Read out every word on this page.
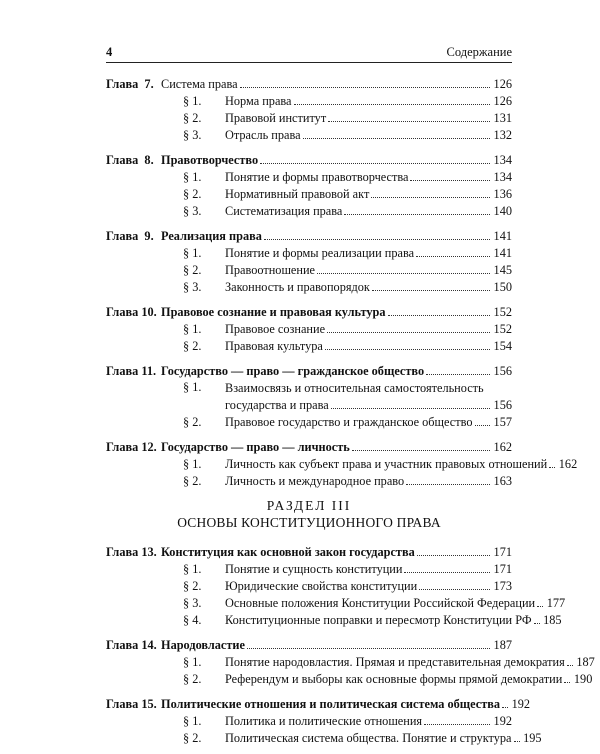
4	Содержание
Глава  7. Система права	126
§ 1.	Норма права	126
§ 2.	Правовой институт	131
§ 3.	Отрасль права	132
Глава  8. Правотворчество	134
§ 1.	Понятие и формы правотворчества	134
§ 2.	Нормативный правовой акт	136
§ 3.	Систематизация права	140
Глава  9. Реализация права	141
§ 1.	Понятие и формы реализации права	141
§ 2.	Правоотношение	145
§ 3.	Законность и правопорядок	150
Глава 10. Правовое сознание и правовая культура	152
§ 1.	Правовое сознание	152
§ 2.	Правовая культура	154
Глава 11. Государство — право — гражданское общество	156
§ 1.	Взаимосвязь и относительная самостоятельность
государства и права	156
§ 2.	Правовое государство и гражданское общество 157
Глава 12. Государство — право — личность	162
§ 1.	Личность как субъект права и участник правовых отношений 162
§ 2.	Личность и международное право	163
РАЗДЕЛ III
ОСНОВЫ КОНСТИТУЦИОННОГО ПРАВА
Глава 13. Конституция как основной закон государства	171
§ 1.	Понятие и сущность конституции	171
§ 2.	Юридические свойства конституции	173
§ 3.	Основные положения Конституции Российской Федерации 177
§ 4.	Конституционные поправки и пересмотр Конституции РФ 185
Глава 14. Народовластие	187
§ 1.	Понятие народовластия. Прямая и представительная демократия 187
§ 2.	Референдум и выборы как основные формы прямой демократии 190
Глава 15. Политические отношения и политическая система общества 192
§ 1.	Политика и политические отношения	192
§ 2.	Политическая система общества. Понятие и структура 195
